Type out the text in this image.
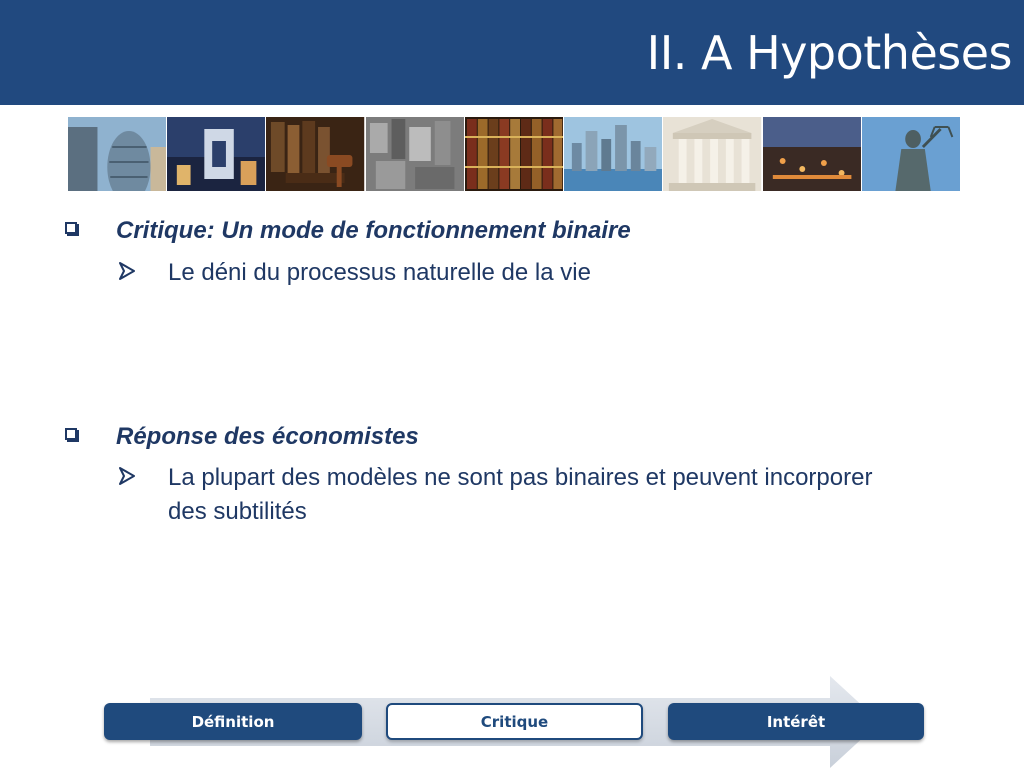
II. A Hypothèses
Critique: Un mode de fonctionnement binaire
Le déni du processus naturelle de la vie
Réponse des économistes
La plupart des modèles ne sont pas binaires et peuvent incorporer des subtilités
Définition	Critique	Intérêt
